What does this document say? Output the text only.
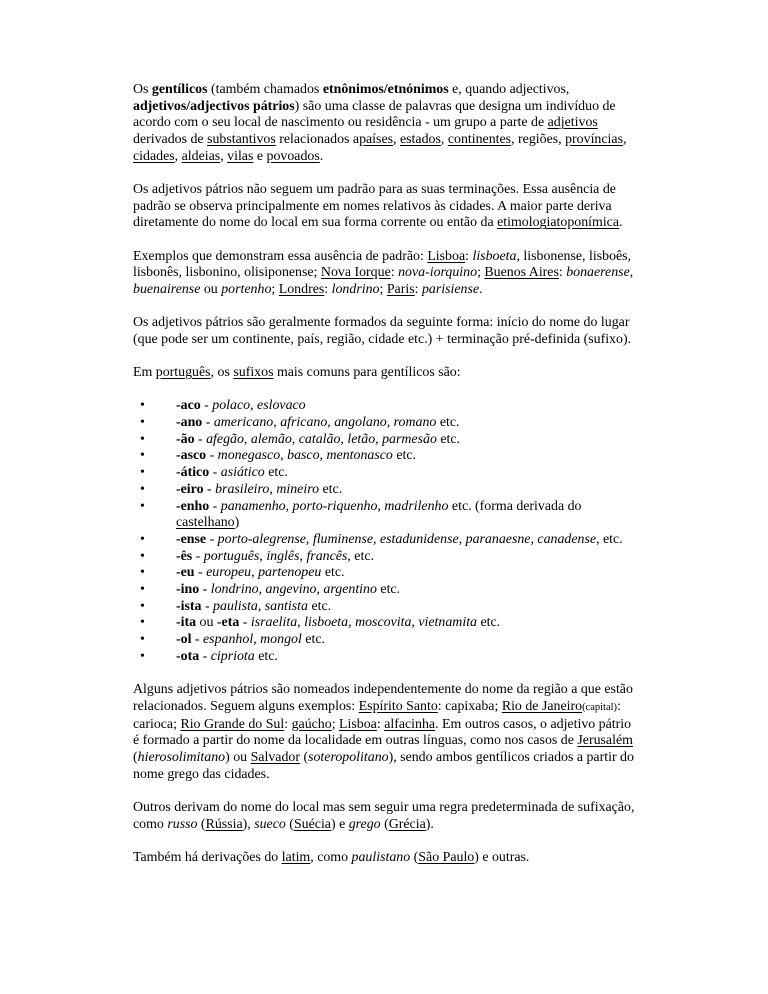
Os gentílicos (também chamados etnônimos/etnónimos e, quando adjectivos, adjetivos/adjectivos pátrios) são uma classe de palavras que designa um indivíduo de acordo com o seu local de nascimento ou residência - um grupo a parte de adjetivos derivados de substantivos relacionados apaíses, estados, continentes, regiões, províncias, cidades, aldeias, vilas e povoados.

Os adjetivos pátrios não seguem um padrão para as suas terminações. Essa ausência de padrão se observa principalmente em nomes relativos às cidades. A maior parte deriva diretamente do nome do local em sua forma corrente ou então da etimologiatoponímica.

Exemplos que demonstram essa ausência de padrão: Lisboa: lisboeta, lisbonense, lisboês, lisbonês, lisbonino, olisiponense; Nova Iorque: nova-iorquino; Buenos Aires: bonaerense, buenairense ou portenho; Londres: londrino; Paris: parisiense.

Os adjetivos pátrios são geralmente formados da seguinte forma: início do nome do lugar (que pode ser um continente, país, região, cidade etc.) + terminação pré-definida (sufixo).

Em português, os sufixos mais comuns para gentílicos são:

• -aco - polaco, eslovaco
• -ano - americano, africano, angolano, romano etc.
• -ão - afegão, alemão, catalão, letão, parmesão etc.
• -asco - monegasco, basco, mentonasco etc.
• -ático - asiático etc.
• -eiro - brasileiro, mineiro etc.
• -enho - panamenho, porto-riquenho, madrilenho etc. (forma derivada do castelhano)
• -ense - porto-alegrense, fluminense, estadunidense, paranaesne, canadense, etc.
• -ês - português, inglês, francês, etc.
• -eu - europeu, partenopeu etc.
• -ino - londrino, angevino, argentino etc.
• -ista - paulista, santista etc.
• -ita ou -eta - israelita, lisboeta, moscovita, vietnamita etc.
• -ol - espanhol, mongol etc.
• -ota - cipriota etc.

Alguns adjetivos pátrios são nomeados independentemente do nome da região a que estão relacionados. Seguem alguns exemplos: Espírito Santo: capixaba; Rio de Janeiro(capital): carioca; Rio Grande do Sul: gaúcho; Lisboa: alfacinha. Em outros casos, o adjetivo pátrio é formado a partir do nome da localidade em outras línguas, como nos casos de Jerusalém (hierosolimitano) ou Salvador (soteropolitano), sendo ambos gentílicos criados a partir do nome grego das cidades.

Outros derivam do nome do local mas sem seguir uma regra predeterminada de sufixação, como russo (Rússia), sueco (Suécia) e grego (Grécia).

Também há derivações do latim, como paulistano (São Paulo) e outras.
